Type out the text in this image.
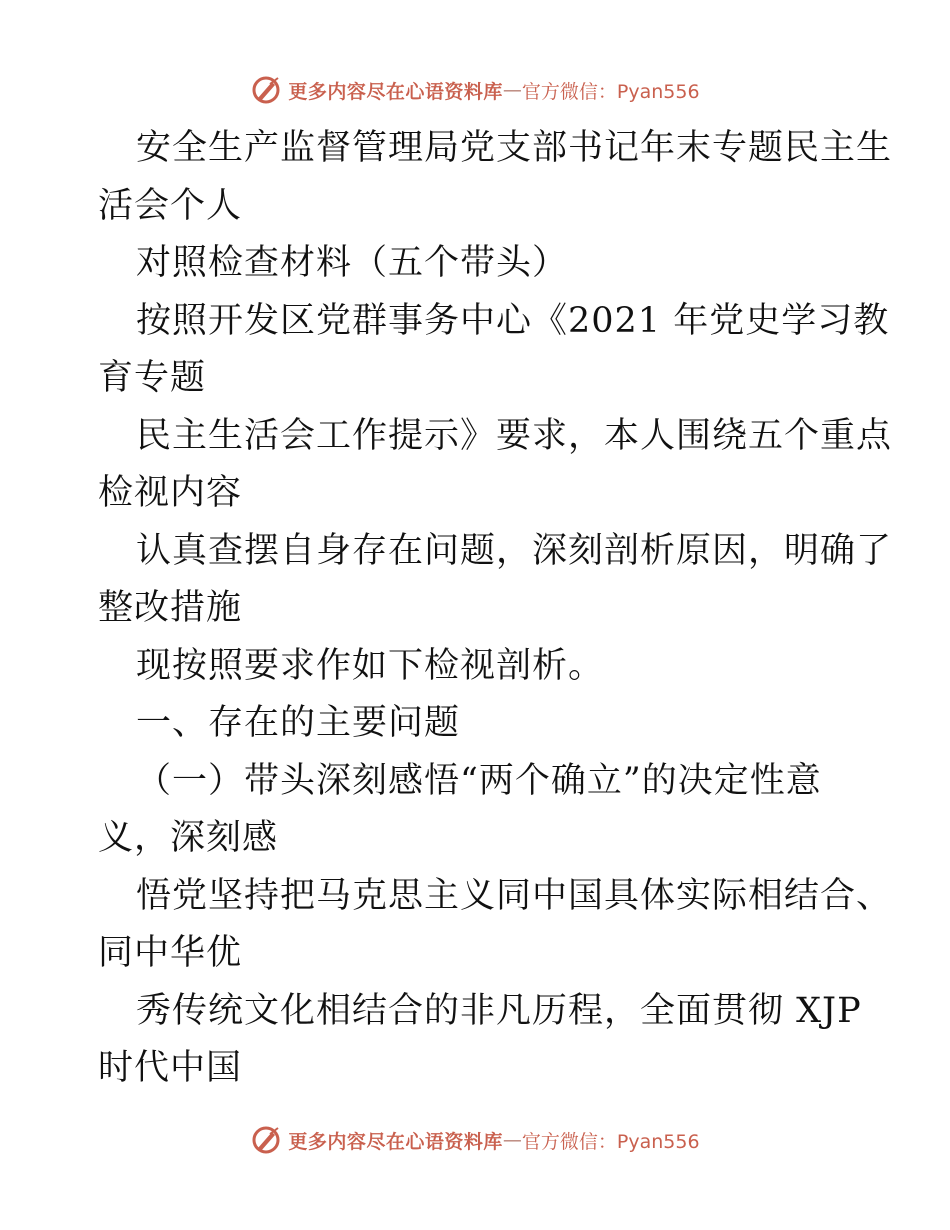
更多内容尽在心语资料库 — 官方微信：Pyan556
安全生产监督管理局党支部书记年末专题民主生
活会个人
对照检查材料（五个带头）
按照开发区党群事务中心《2021 年党史学习教
育专题
民主生活会工作提示》要求，本人围绕五个重点
检视内容
认真查摆自身存在问题，深刻剖析原因，明确了
整改措施
现按照要求作如下检视剖析。
一、存在的主要问题
（一）带头深刻感悟“两个确立”的决定性意
义，深刻感
悟党坚持把马克思主义同中国具体实际相结合、
同中华优
秀传统文化相结合的非凡历程，全面贯彻 XJP
时代中国
更多内容尽在心语资料库 — 官方微信：Pyan556
